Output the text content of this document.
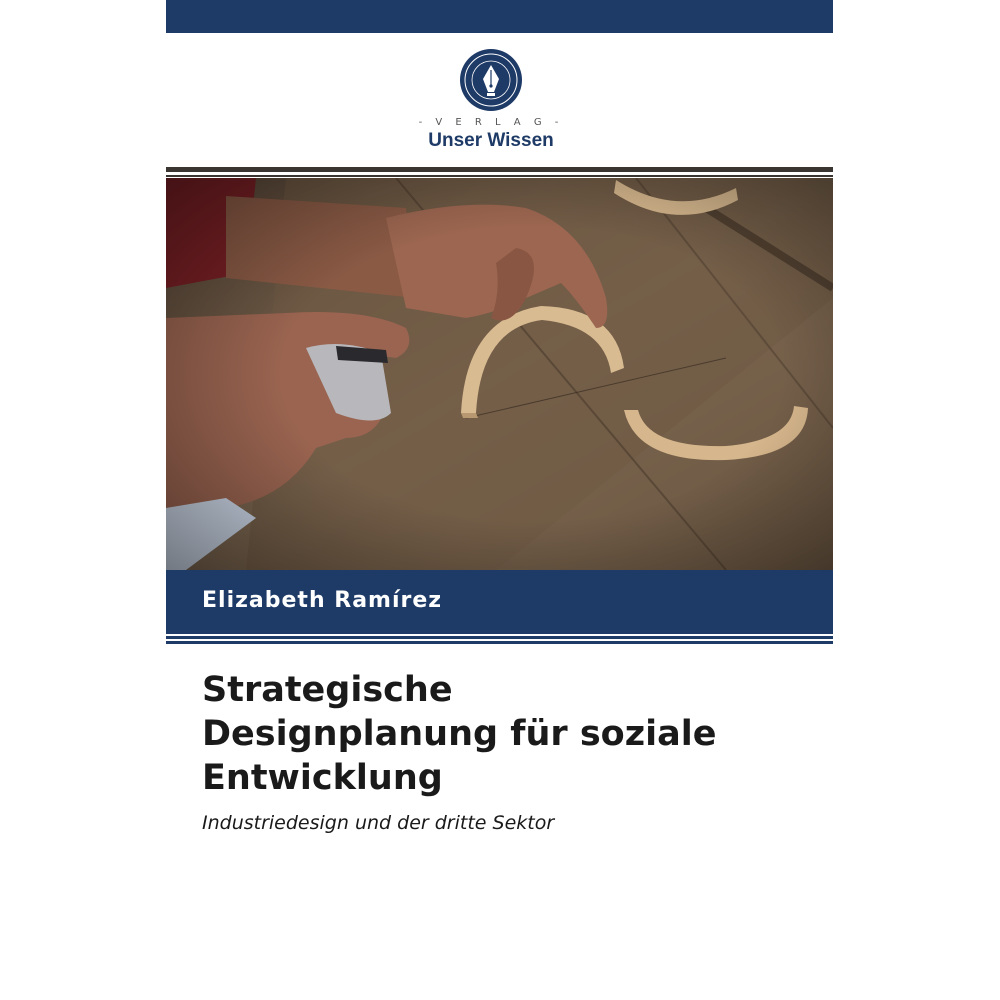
- V E R L A G -
Unser Wissen
Elizabeth Ramírez
Strategische
Designplanung für soziale
Entwicklung
Industriedesign und der dritte Sektor
